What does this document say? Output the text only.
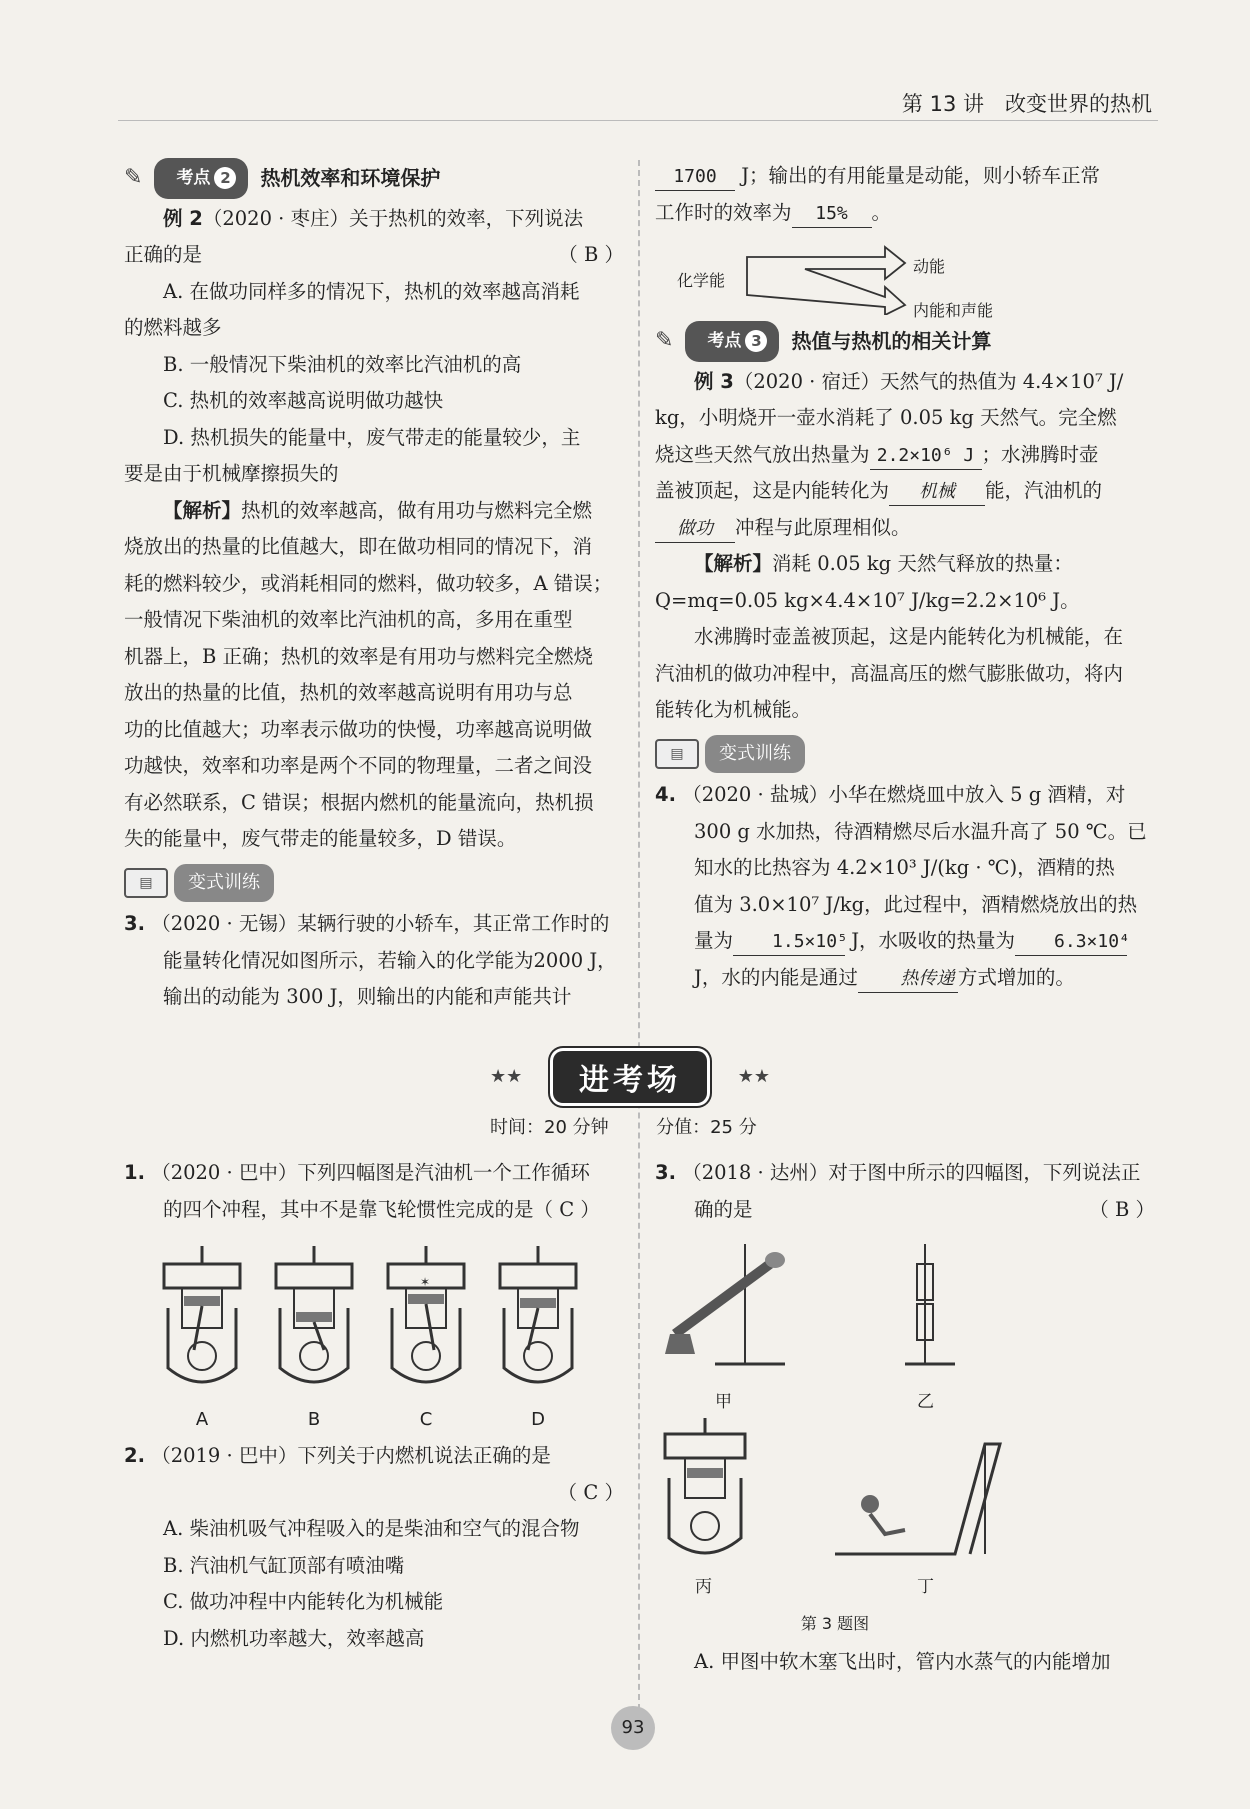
第 13 讲　改变世界的热机
✎ 考点 2 热机效率和环境保护

例 2（2020 · 枣庄）关于热机的效率，下列说法

正确的是	（ B ）

A. 在做功同样多的情况下，热机的效率越高消耗

的燃料越多

B. 一般情况下柴油机的效率比汽油机的高

C. 热机的效率越高说明做功越快

D. 热机损失的能量中，废气带走的能量较少，主

要是由于机械摩擦损失的

【解析】热机的效率越高，做有用功与燃料完全燃

烧放出的热量的比值越大，即在做功相同的情况下，消

耗的燃料较少，或消耗相同的燃料，做功较多，A 错误；

一般情况下柴油机的效率比汽油机的高，多用在重型

机器上，B 正确；热机的效率是有用功与燃料完全燃烧

放出的热量的比值，热机的效率越高说明有用功与总

功的比值越大；功率表示做功的快慢，功率越高说明做

功越快，效率和功率是两个不同的物理量，二者之间没

有必然联系，C 错误；根据内燃机的能量流向，热机损

失的能量中，废气带走的能量较多，D 错误。

▤	变式训练

3. （2020 · 无锡）某辆行驶的小轿车，其正常工作时的

能量转化情况如图所示，若输入的化学能为2000 J，

输出的动能为 300 J，则输出的内能和声能共计

1700 J；输出的有用能量是动能，则小轿车正常

工作时的效率为 15% 。

化学能
动能
内能和声能
✎ 考点 3 热值与热机的相关计算

例 3（2020 · 宿迁）天然气的热值为 4.4×10⁷ J/

kg，小明烧开一壶水消耗了 0.05 kg 天然气。完全燃

烧这些天然气放出热量为 2.2×10⁶ J ；水沸腾时壶

盖被顶起，这是内能转化为 机械 能，汽油机的

做功 冲程与此原理相似。

【解析】消耗 0.05 kg 天然气释放的热量：

Q=mq=0.05 kg×4.4×10⁷ J/kg=2.2×10⁶ J。

水沸腾时壶盖被顶起，这是内能转化为机械能，在

汽油机的做功冲程中，高温高压的燃气膨胀做功，将内

能转化为机械能。

▤	变式训练

4. （2020 · 盐城）小华在燃烧皿中放入 5 g 酒精，对

300 g 水加热，待酒精燃尽后水温升高了 50 ℃。已

知水的比热容为 4.2×10³ J/(kg · ℃)，酒精的热

值为 3.0×10⁷ J/kg，此过程中，酒精燃烧放出的热

量为 1.5×10⁵ J，水吸收的热量为 6.3×10⁴

J，水的内能是通过 热传递 方式增加的。

★★	进考场	★★
时间：20 分钟	分值：25 分

1. （2020 · 巴中）下列四幅图是汽油机一个工作循环

的四个冲程，其中不是靠飞轮惯性完成的是（ C ）

A	B
✶
C	D

2. （2019 · 巴中）下列关于内燃机说法正确的是

（ C ）

A. 柴油机吸气冲程吸入的是柴油和空气的混合物

B. 汽油机气缸顶部有喷油嘴

C. 做功冲程中内能转化为机械能

D. 内燃机功率越大，效率越高

3. （2018 · 达州）对于图中所示的四幅图，下列说法正

确的是	（ B ）

甲	乙
丙	丁
第 3 题图

A. 甲图中软木塞飞出时，管内水蒸气的内能增加

93
